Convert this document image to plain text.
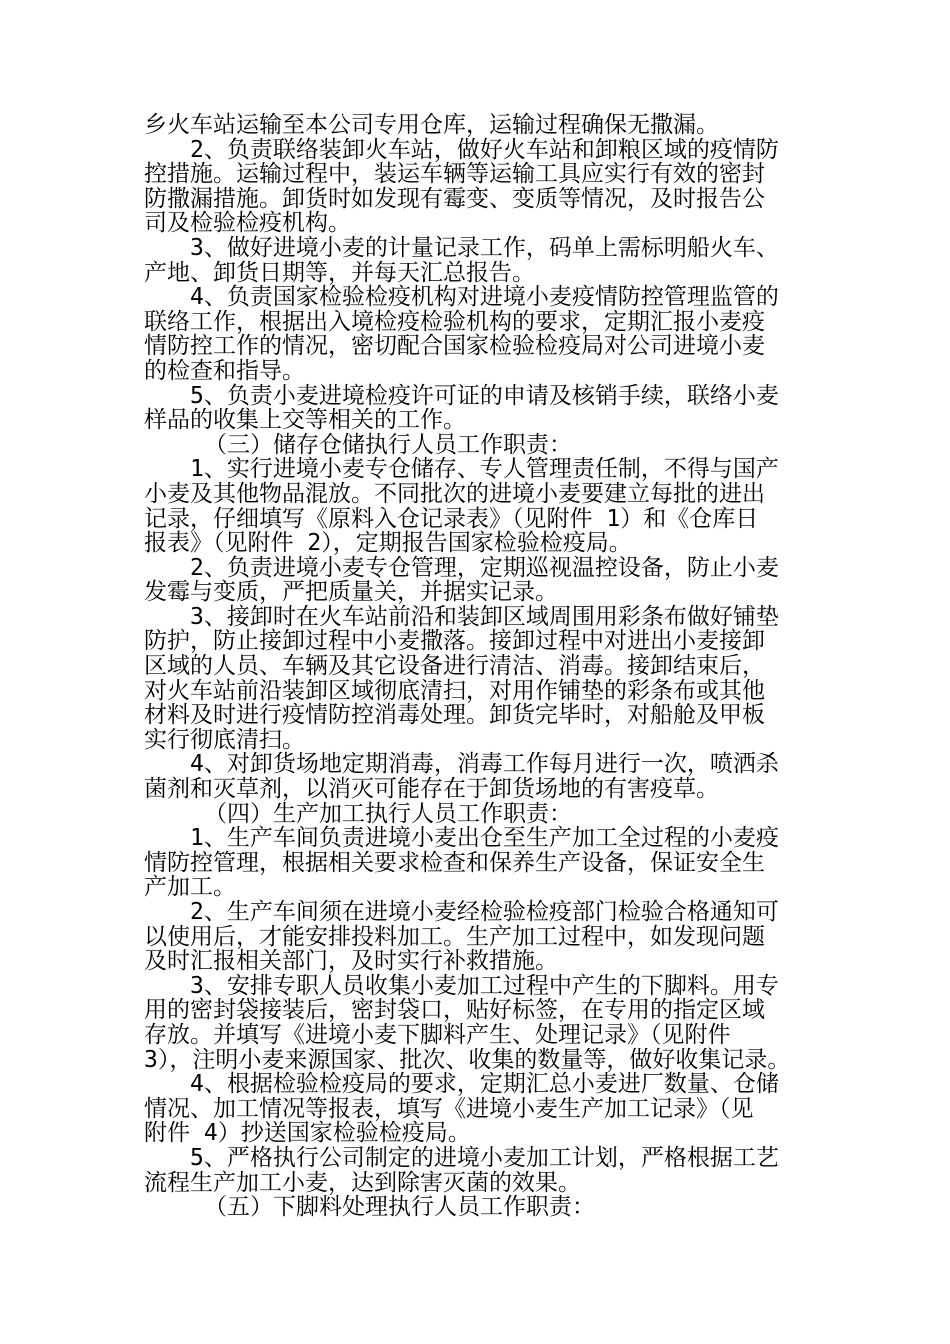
乡火车站运输至本公司专用仓库，运输过程确保无撒漏。
2、负责联络装卸火车站，做好火车站和卸粮区域的疫情防
控措施。运输过程中，装运车辆等运输工具应实行有效的密封
防撒漏措施。卸货时如发现有霉变、变质等情况，及时报告公
司及检验检疫机构。
3、做好进境小麦的计量记录工作，码单上需标明船火车、
产地、卸货日期等，并每天汇总报告。
4、负责国家检验检疫机构对进境小麦疫情防控管理监管的
联络工作，根据出入境检疫检验机构的要求，定期汇报小麦疫
情防控工作的情况，密切配合国家检验检疫局对公司进境小麦
的检查和指导。
5、负责小麦进境检疫许可证的申请及核销手续，联络小麦
样品的收集上交等相关的工作。
（三）储存仓储执行人员工作职责：
1、实行进境小麦专仓储存、专人管理责任制，不得与国产
小麦及其他物品混放。不同批次的进境小麦要建立每批的进出
记录，仔细填写《原料入仓记录表》（见附件 1）和《仓库日
报表》（见附件 2），定期报告国家检验检疫局。
2、负责进境小麦专仓管理，定期巡视温控设备，防止小麦
发霉与变质，严把质量关，并据实记录。
3、接卸时在火车站前沿和装卸区域周围用彩条布做好铺垫
防护，防止接卸过程中小麦撒落。接卸过程中对进出小麦接卸
区域的人员、车辆及其它设备进行清洁、消毒。接卸结束后，
对火车站前沿装卸区域彻底清扫，对用作铺垫的彩条布或其他
材料及时进行疫情防控消毒处理。卸货完毕时，对船舱及甲板
实行彻底清扫。
4、对卸货场地定期消毒，消毒工作每月进行一次，喷洒杀
菌剂和灭草剂，以消灭可能存在于卸货场地的有害疫草。
（四）生产加工执行人员工作职责：
1、生产车间负责进境小麦出仓至生产加工全过程的小麦疫
情防控管理，根据相关要求检查和保养生产设备，保证安全生
产加工。
2、生产车间须在进境小麦经检验检疫部门检验合格通知可
以使用后，才能安排投料加工。生产加工过程中，如发现问题
及时汇报相关部门，及时实行补救措施。
3、安排专职人员收集小麦加工过程中产生的下脚料。用专
用的密封袋接装后，密封袋口，贴好标签，在专用的指定区域
存放。并填写《进境小麦下脚料产生、处理记录》（见附件
3），注明小麦来源国家、批次、收集的数量等，做好收集记录。
4、根据检验检疫局的要求，定期汇总小麦进厂数量、仓储
情况、加工情况等报表，填写《进境小麦生产加工记录》（见
附件 4）抄送国家检验检疫局。
5、严格执行公司制定的进境小麦加工计划，严格根据工艺
流程生产加工小麦，达到除害灭菌的效果。
（五）下脚料处理执行人员工作职责：
